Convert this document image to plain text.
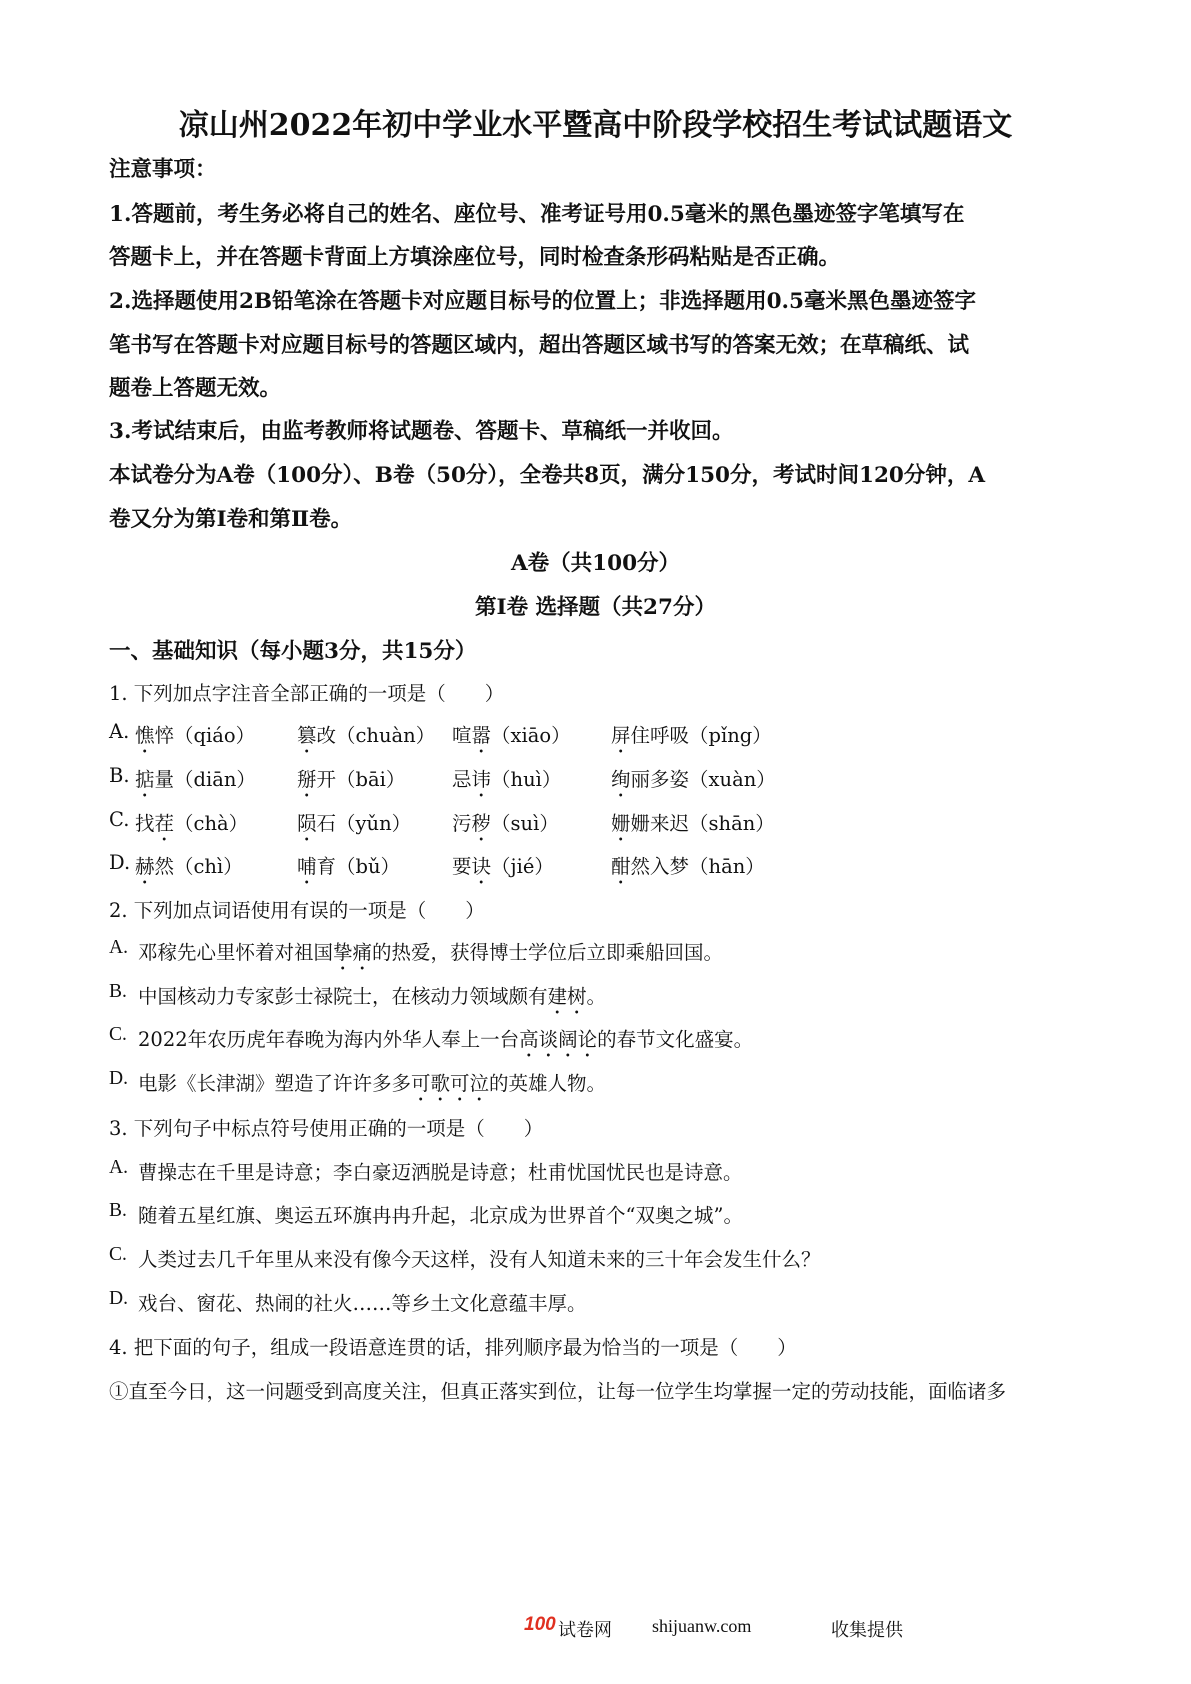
凉山州2022年初中学业水平暨高中阶段学校招生考试试题语文
注意事项：
1.答题前，考生务必将自己的姓名、座位号、准考证号用0.5毫米的黑色墨迹签字笔填写在
答题卡上，并在答题卡背面上方填涂座位号，同时检查条形码粘贴是否正确。
2.选择题使用2B铅笔涂在答题卡对应题目标号的位置上；非选择题用0.5毫米黑色墨迹签字
笔书写在答题卡对应题目标号的答题区域内，超出答题区域书写的答案无效；在草稿纸、试
题卷上答题无效。
3.考试结束后，由监考教师将试题卷、答题卡、草稿纸一并收回。
本试卷分为A卷（100分）、B卷（50分），全卷共8页，满分150分，考试时间120分钟，A
卷又分为第Ⅰ卷和第Ⅱ卷。
A卷（共100分）
第Ⅰ卷 选择题（共27分）
一、基础知识（每小题3分，共15分）
1. 下列加点字注音全部正确的一项是（　　）
A. 憔悴（qiáo） 篡改（chuàn） 喧嚣（xiāo） 屏住呼吸（pǐng）
B. 掂量（diān） 掰开（bāi） 忌讳（huì）	绚丽多姿（xuàn）
C. 找茬（chà）	陨石（yǔn） 污秽（suì）	姗姗来迟（shān）
D. 赫然（chì）	哺育（bǔ）	要诀（jié）	酣然入梦（hān）
2. 下列加点词语使用有误的一项是（　　）
A. 邓稼先心里怀着对祖国挚痛的热爱，获得博士学位后立即乘船回国。
B. 中国核动力专家彭士禄院士，在核动力领域颇有建树。
C. 2022年农历虎年春晚为海内外华人奉上一台高谈阔论的春节文化盛宴。
D. 电影《长津湖》塑造了许许多多可歌可泣的英雄人物。
3. 下列句子中标点符号使用正确的一项是（　　）
A. 曹操志在千里是诗意；李白豪迈洒脱是诗意；杜甫忧国忧民也是诗意。
B. 随着五星红旗、奥运五环旗冉冉升起，北京成为世界首个“双奥之城”。
C. 人类过去几千年里从来没有像今天这样，没有人知道未来的三十年会发生什么？
D. 戏台、窗花、热闹的社火……等乡土文化意蕴丰厚。
4. 把下面的句子，组成一段语意连贯的话，排列顺序最为恰当的一项是（　　）
①直至今日，这一问题受到高度关注，但真正落实到位，让每一位学生均掌握一定的劳动技能，面临诸多
100 试卷网 shijuanw.com	收集提供
